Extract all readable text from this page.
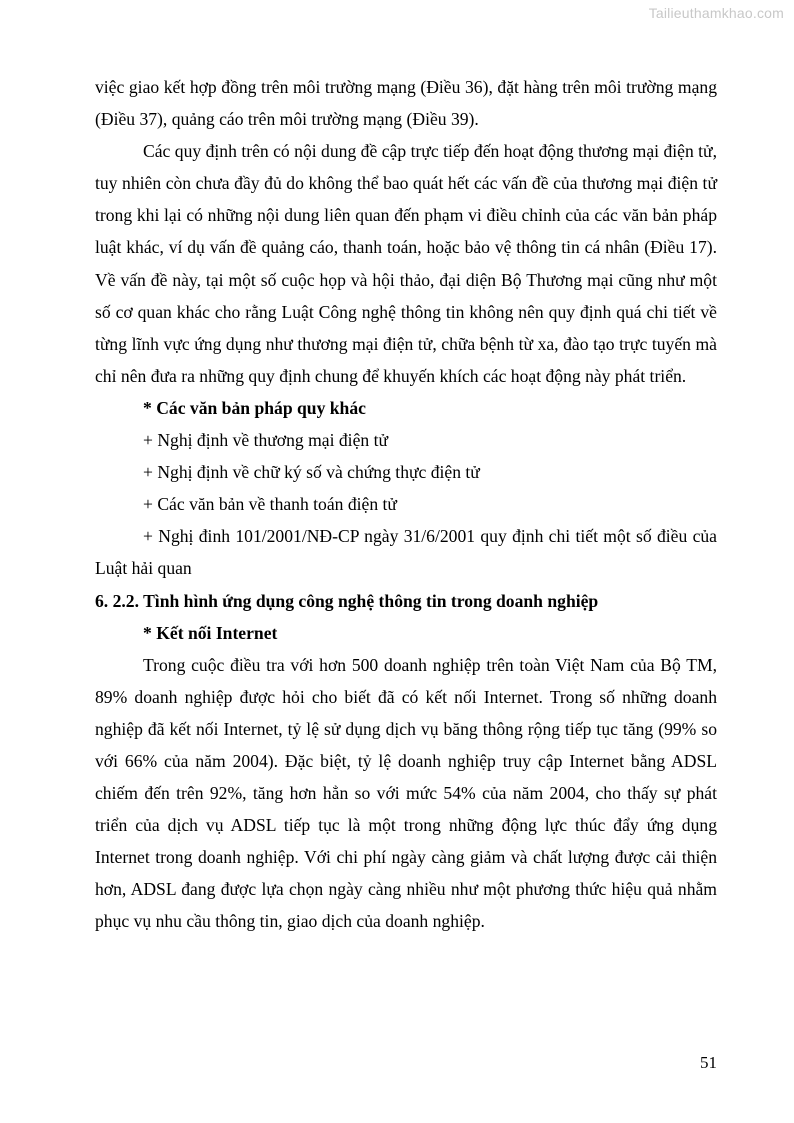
Tailieuthamkhao.com

việc giao kết hợp đồng trên môi trường mạng (Điều 36), đặt hàng trên môi trường mạng (Điều 37), quảng cáo trên môi trường mạng (Điều 39).

Các quy định trên có nội dung đề cập trực tiếp đến hoạt động thương mại điện tử, tuy nhiên còn chưa đầy đủ do không thể bao quát hết các vấn đề của thương mại điện tử trong khi lại có những nội dung liên quan đến phạm vi điều chỉnh của các văn bản pháp luật khác, ví dụ vấn đề quảng cáo, thanh toán, hoặc bảo vệ thông tin cá nhân (Điều 17). Về vấn đề này, tại một số cuộc họp và hội thảo, đại diện Bộ Thương mại cũng như một số cơ quan khác cho rằng Luật Công nghệ thông tin không nên quy định quá chi tiết về từng lĩnh vực ứng dụng như thương mại điện tử, chữa bệnh từ xa, đào tạo trực tuyến mà chỉ nên đưa ra những quy định chung để khuyến khích các hoạt động này phát triển.

* Các văn bản pháp quy khác

+ Nghị định về thương mại điện tử

+ Nghị định về chữ ký số và chứng thực điện tử

+ Các văn bản về thanh toán điện tử

+ Nghị đinh 101/2001/NĐ-CP ngày 31/6/2001 quy định chi tiết một số điều của Luật hải quan

6. 2.2. Tình hình ứng dụng công nghệ thông tin trong doanh nghiệp

* Kết nối Internet

Trong cuộc điều tra với hơn 500 doanh nghiệp trên toàn Việt Nam của Bộ TM, 89% doanh nghiệp được hỏi cho biết đã có kết nối Internet. Trong số những doanh nghiệp đã kết nối Internet, tỷ lệ sử dụng dịch vụ băng thông rộng tiếp tục tăng (99% so với 66% của năm 2004). Đặc biệt, tỷ lệ doanh nghiệp truy cập Internet bằng ADSL chiếm đến trên 92%, tăng hơn hẳn so với mức 54% của năm 2004, cho thấy sự phát triển của dịch vụ ADSL tiếp tục là một trong những động lực thúc đẩy ứng dụng Internet trong doanh nghiệp. Với chi phí ngày càng giảm và chất lượng được cải thiện hơn, ADSL đang được lựa chọn ngày càng nhiều như một phương thức hiệu quả nhằm phục vụ nhu cầu thông tin, giao dịch của doanh nghiệp.

51
